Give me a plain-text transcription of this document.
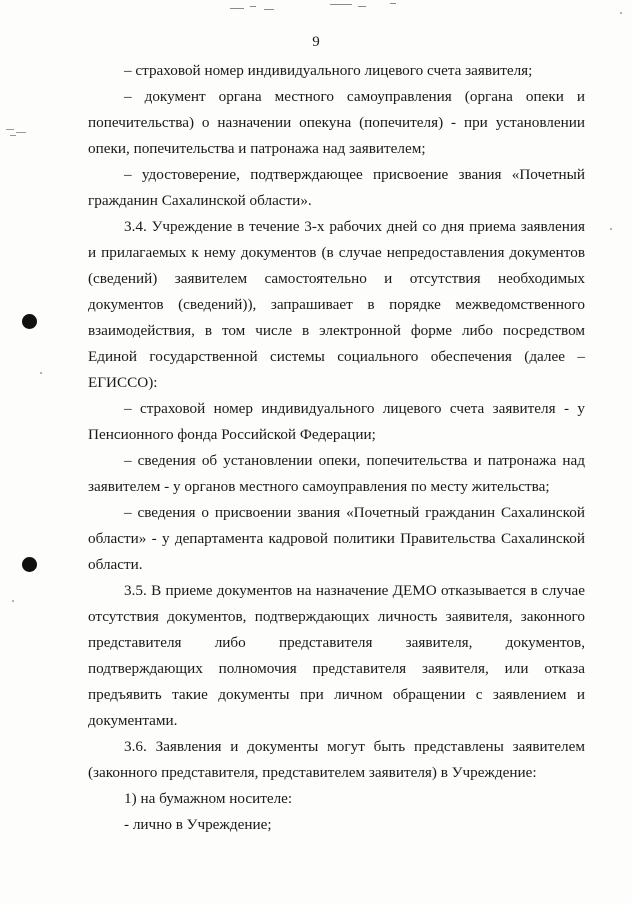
9

– страховой номер индивидуального лицевого счета заявителя;

– документ органа местного самоуправления (органа опеки и попечительства) о назначении опекуна (попечителя) - при установлении опеки, попечительства и патронажа над заявителем;

– удостоверение, подтверждающее присвоение звания «Почетный гражданин Сахалинской области».

3.4. Учреждение в течение 3-х рабочих дней со дня приема заявления и прилагаемых к нему документов (в случае непредоставления документов (сведений) заявителем самостоятельно и отсутствия необходимых документов (сведений)), запрашивает в порядке межведомственного взаимодействия, в том числе в электронной форме либо посредством Единой государственной системы социального обеспечения (далее – ЕГИССО):

– страховой номер индивидуального лицевого счета заявителя - у Пенсионного фонда Российской Федерации;

– сведения об установлении опеки, попечительства и патронажа над заявителем - у органов местного самоуправления по месту жительства;

– сведения о присвоении звания «Почетный гражданин Сахалинской области» - у департамента кадровой политики Правительства Сахалинской области.

3.5. В приеме документов на назначение ДЕМО отказывается в случае отсутствия документов, подтверждающих личность заявителя, законного представителя либо представителя заявителя, документов, подтверждающих полномочия представителя заявителя, или отказа предъявить такие документы при личном обращении с заявлением и документами.

3.6. Заявления и документы могут быть представлены заявителем (законного представителя, представителем заявителя) в Учреждение:

1) на бумажном носителе:

- лично в Учреждение;
